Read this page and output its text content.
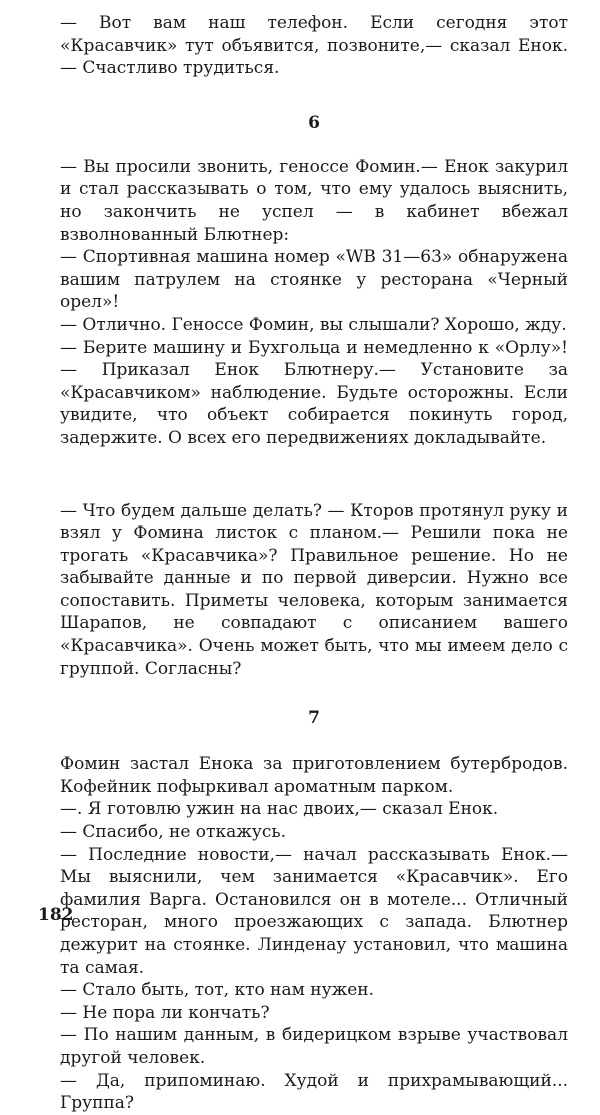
— Вот вам наш телефон. Если сегодня этот «Красавчик» тут объявится, позвоните,— сказал Енок.— Счастливо трудиться.

6

— Вы просили звонить, геноссе Фомин.— Енок закурил и стал рассказывать о том, что ему удалось выяснить, но закончить не успел — в кабинет вбежал взволнованный Блютнер:

— Спортивная машина номер «WB 31—63» обнаружена вашим патрулем на стоянке у ресторана «Черный орел»!

— Отлично. Геноссе Фомин, вы слышали? Хорошо, жду.

— Берите машину и Бухгольца и немедленно к «Орлу»! — Приказал Енок Блютнеру.— Установите за «Красавчиком» наблюдение. Будьте осторожны. Если увидите, что объект собирается покинуть город, задержите. О всех его передвижениях докладывайте.

— Что будем дальше делать? — Кторов протянул руку и взял у Фомина листок с планом.— Решили пока не трогать «Красавчика»? Правильное решение. Но не забывайте данные и по первой диверсии. Нужно все сопоставить. Приметы человека, которым занимается Шарапов, не совпадают с описанием вашего «Красавчика». Очень может быть, что мы имеем дело с группой. Согласны?

7

Фомин застал Енока за приготовлением бутербродов. Кофейник пофыркивал ароматным парком.

—. Я готовлю ужин на нас двоих,— сказал Енок.

— Спасибо, не откажусь.

— Последние новости,— начал рассказывать Енок.— Мы выяснили, чем занимается «Красавчик». Его фамилия Варга. Остановился он в мотеле... Отличный ресторан, много проезжающих с запада. Блютнер дежурит на стоянке. Линденау установил, что машина та самая.

— Стало быть, тот, кто нам нужен.

— Не пора ли кончать?

— По нашим данным, в бидерицком взрыве участвовал другой человек.

— Да, припоминаю. Худой и прихрамывающий... Группа?

182
